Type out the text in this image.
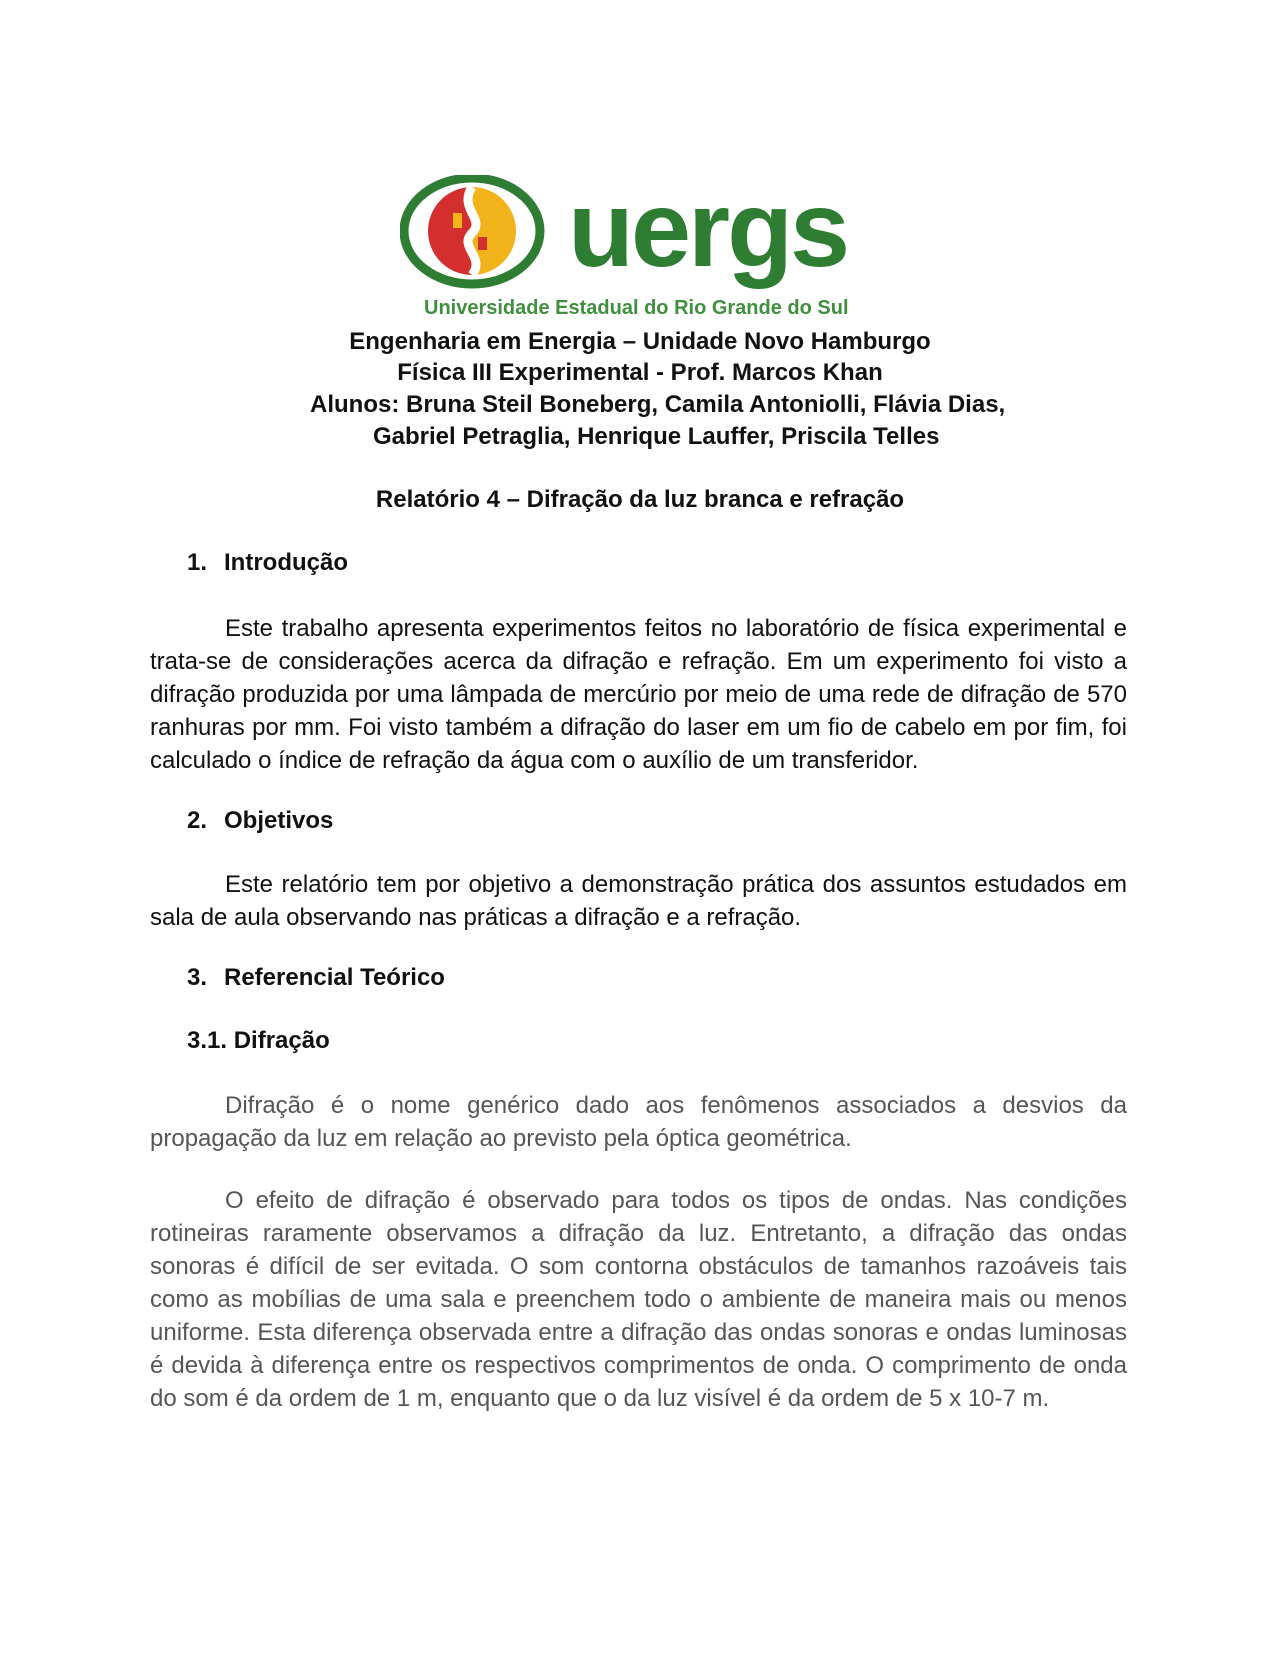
uergs
Universidade Estadual do Rio Grande do Sul
Engenharia em Energia – Unidade Novo Hamburgo
Física III Experimental - Prof. Marcos Khan
Alunos: Bruna Steil Boneberg, Camila Antoniolli, Flávia Dias,
Gabriel Petraglia, Henrique Lauffer, Priscila Telles
Relatório 4 – Difração da luz branca e refração
1. Introdução

Este trabalho apresenta experimentos feitos no laboratório de física experimental e trata-se de considerações acerca da difração e refração. Em um experimento foi visto a difração produzida por uma lâmpada de mercúrio por meio de uma rede de difração de 570 ranhuras por mm. Foi visto também a difração do laser em um fio de cabelo em por fim, foi calculado o índice de refração da água com o auxílio de um transferidor.

2. Objetivos

Este relatório tem por objetivo a demonstração prática dos assuntos estudados em sala de aula observando nas práticas a difração e a refração.

3. Referencial Teórico
3.1. Difração

Difração é o nome genérico dado aos fenômenos associados a desvios da propagação da luz em relação ao previsto pela óptica geométrica.

O efeito de difração é observado para todos os tipos de ondas. Nas condições rotineiras raramente observamos a difração da luz. Entretanto, a difração das ondas sonoras é difícil de ser evitada. O som contorna obstáculos de tamanhos razoáveis tais como as mobílias de uma sala e preenchem todo o ambiente de maneira mais ou menos uniforme. Esta diferença observada entre a difração das ondas sonoras e ondas luminosas é devida à diferença entre os respectivos comprimentos de onda. O comprimento de onda do som é da ordem de 1 m, enquanto que o da luz visível é da ordem de 5 x 10-7 m.
